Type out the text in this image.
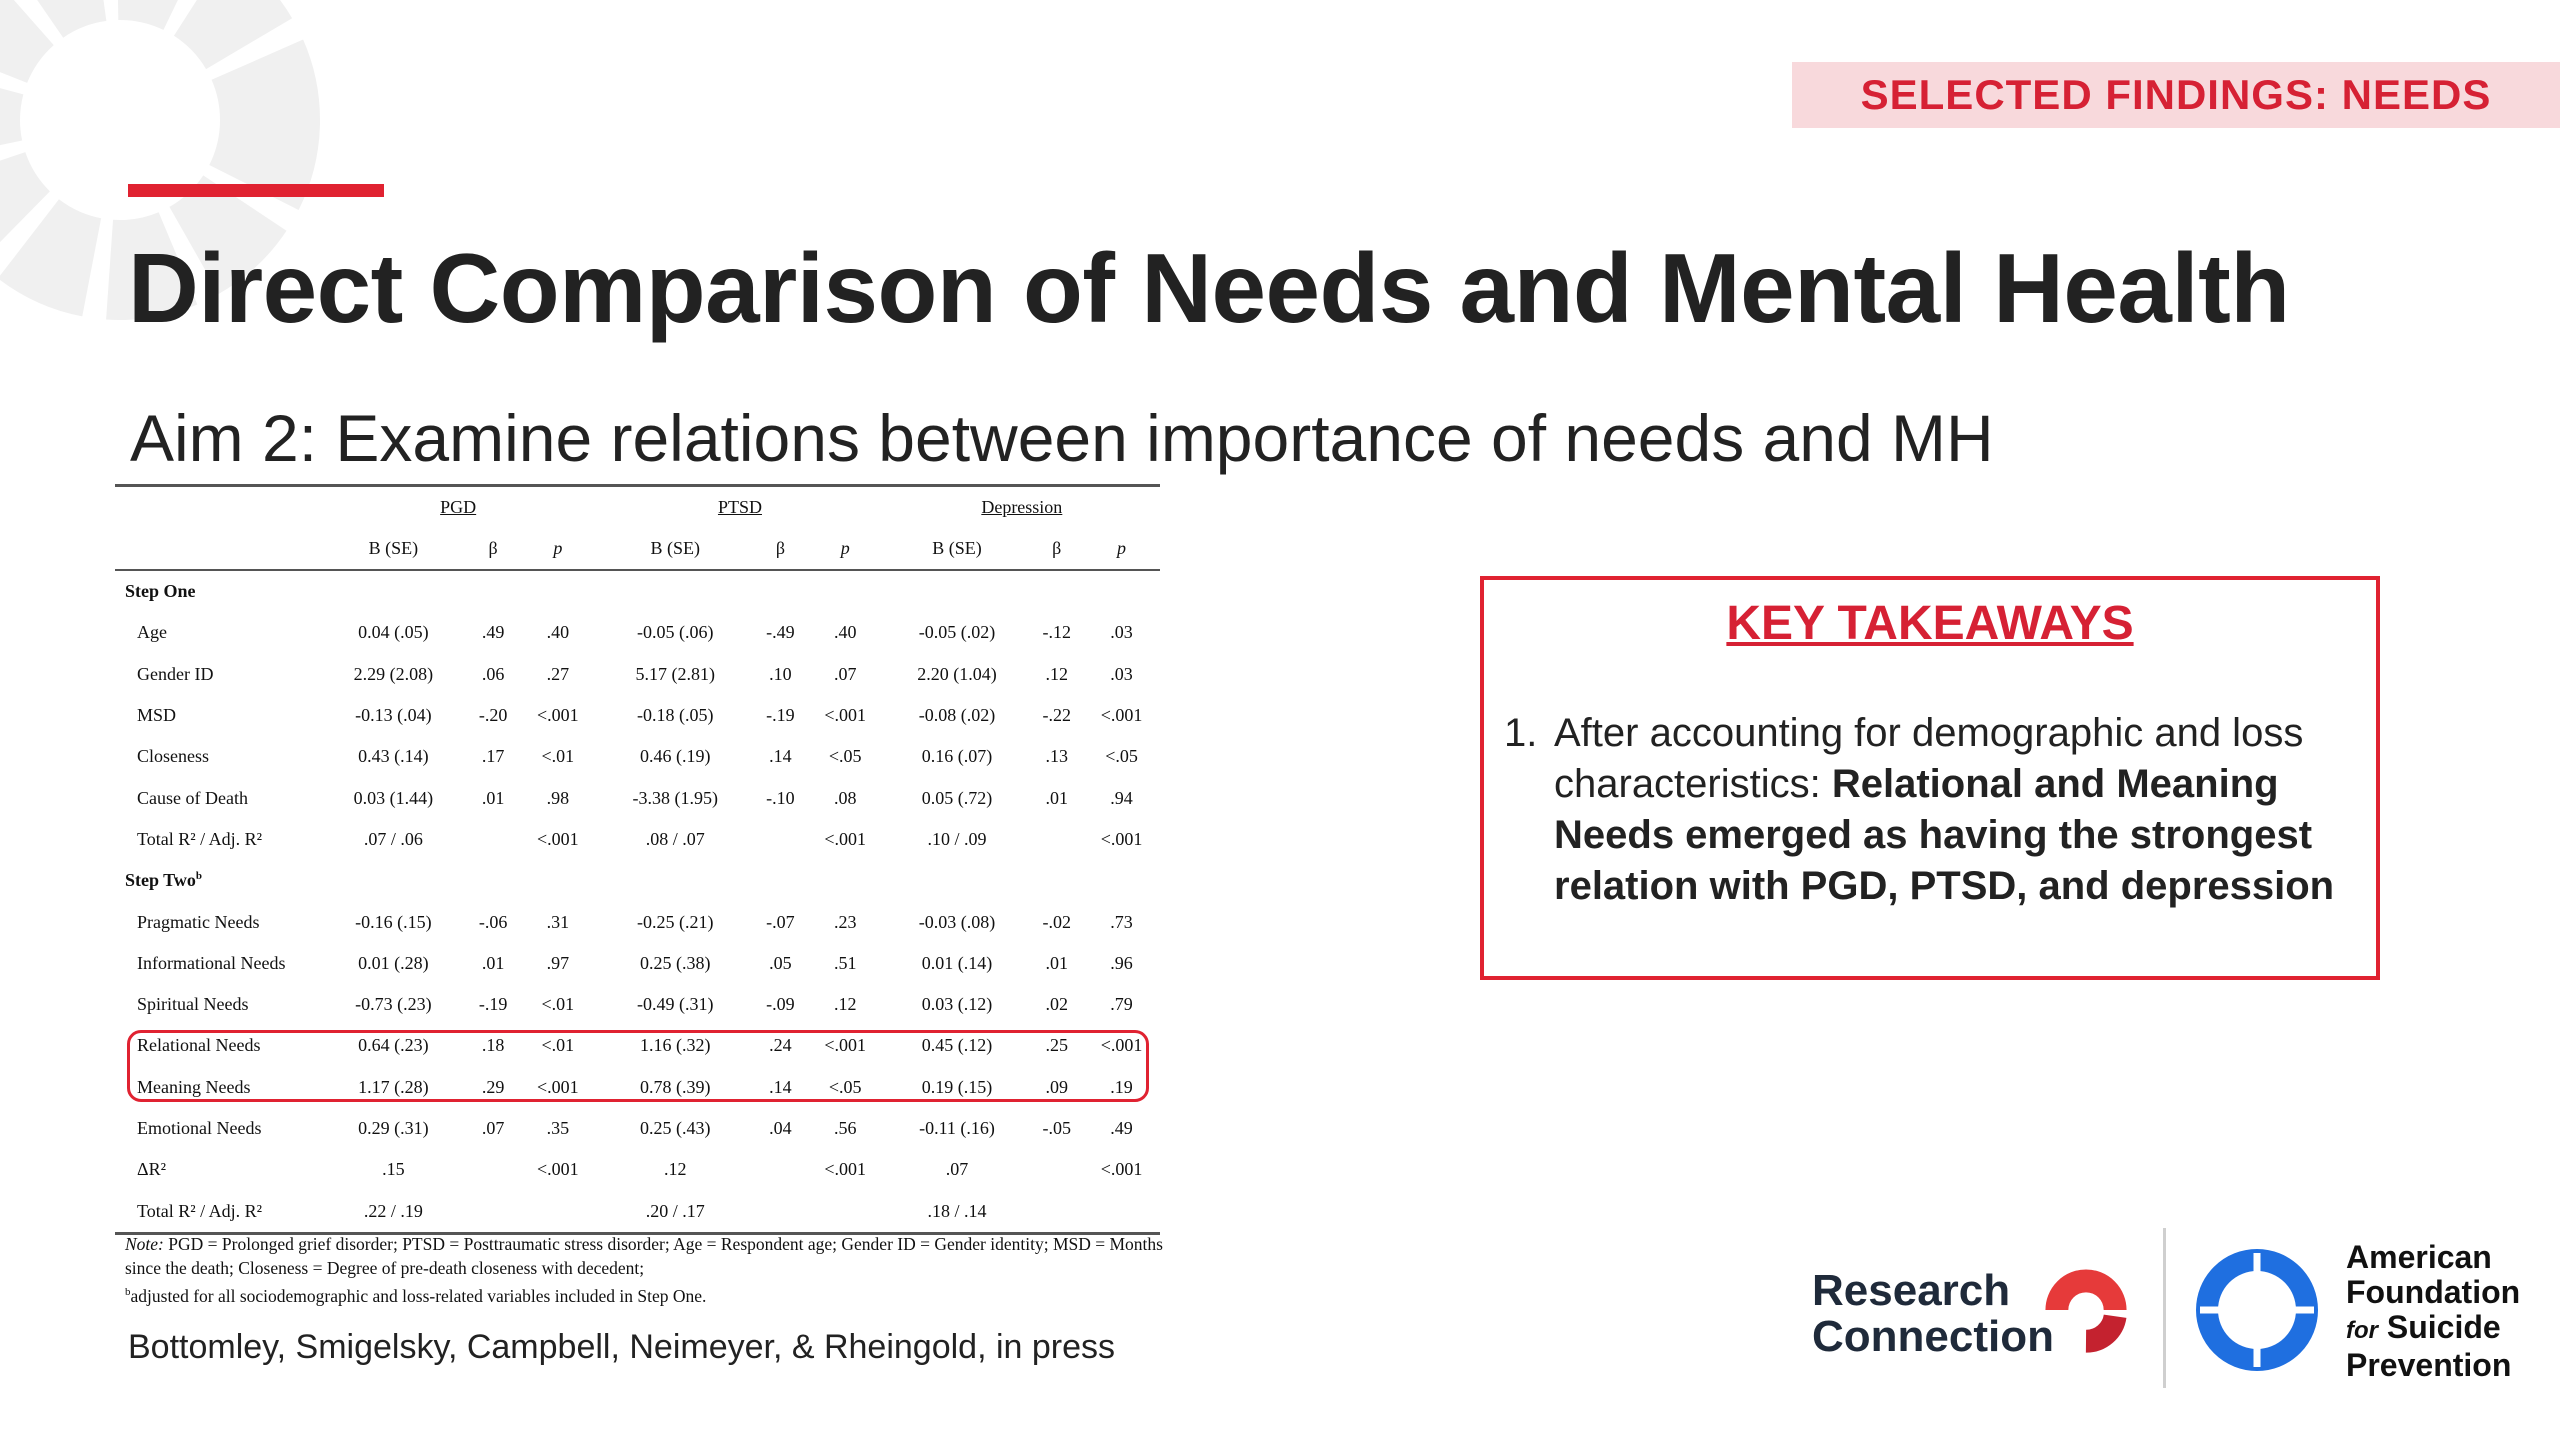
SELECTED FINDINGS: NEEDS
Direct Comparison of Needs and Mental Health
Aim 2: Examine relations between importance of needs and MH
	PGD			PTSD			Depression		
	B (SE)	β	p	B (SE)	β	p	B (SE)	β	p
Step One									
Age	0.04 (.05)	.49	.40	-0.05 (.06)	-.49	.40	-0.05 (.02)	-.12	.03
Gender ID	2.29 (2.08)	.06	.27	5.17 (2.81)	.10	.07	2.20 (1.04)	.12	.03
MSD	-0.13 (.04)	-.20	<.001	-0.18 (.05)	-.19	<.001	-0.08 (.02)	-.22	<.001
Closeness	0.43 (.14)	.17	<.01	0.46 (.19)	.14	<.05	0.16 (.07)	.13	<.05
Cause of Death	0.03 (1.44)	.01	.98	-3.38 (1.95)	-.10	.08	0.05 (.72)	.01	.94
Total R² / Adj. R²	.07 / .06		<.001	.08 / .07		<.001	.10 / .09		<.001
Step Two$^b$
Pragmatic Needs	-0.16 (.15)	-.06	.31	-0.25 (.21)	-.07	.23	-0.03 (.08)	-.02	.73
Informational Needs	0.01 (.28)	.01	.97	0.25 (.38)	.05	.51	0.01 (.14)	.01	.96
Spiritual Needs	-0.73 (.23)	-.19	<.01	-0.49 (.31)	-.09	.12	0.03 (.12)	.02	.79
Relational Needs	0.64 (.23)	.18	<.01	1.16 (.32)	.24	<.001	0.45 (.12)	.25	<.001
Meaning Needs	1.17 (.28)	.29	<.001	0.78 (.39)	.14	<.05	0.19 (.15)	.09	.19
Emotional Needs	0.29 (.31)	.07	.35	0.25 (.43)	.04	.56	-0.11 (.16)	-.05	.49
ΔR²	.15		<.001	.12		<.001	.07		<.001
Total R² / Adj. R²	.22 / .19			.20 / .17			.18 / .14		

Note: PGD = Prolonged grief disorder; PTSD = Posttraumatic stress disorder; Age = Respondent age; Gender ID = Gender identity; MSD = Months since the death; Closeness = Degree of pre-death closeness with decedent;

$^b$adjusted for all sociodemographic and loss-related variables included in Step One.

Bottomley, Smigelsky, Campbell, Neimeyer, & Rheingold, in press
KEY TAKEAWAYS
1. After accounting for demographic and loss characteristics: Relational and Meaning Needs emerged as having the strongest relation with PGD, PTSD, and depression
Research
Connection
American
Foundation
for Suicide
Prevention
